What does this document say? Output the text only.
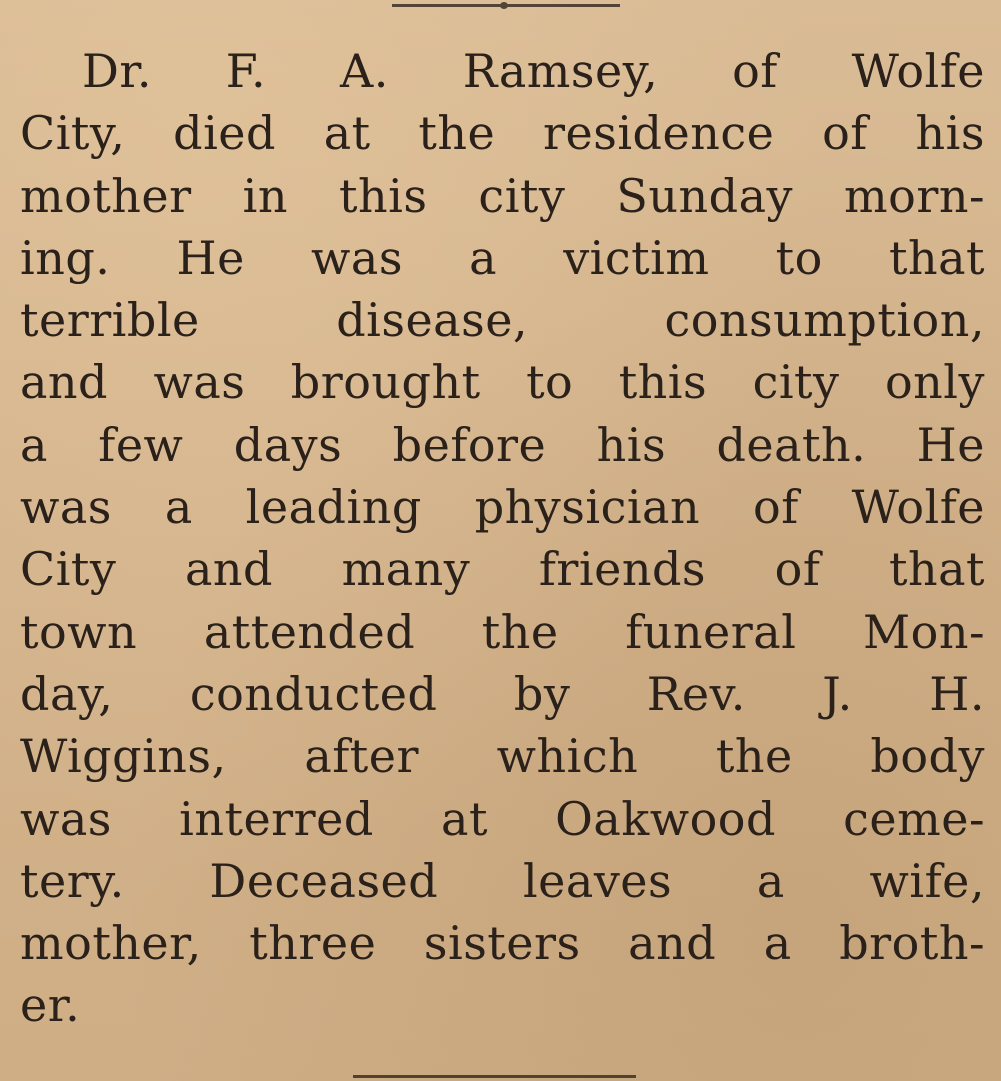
Dr. F. A. Ramsey, of Wolfe
City, died at the residence of his
mother in this city Sunday morn-
ing. He was a victim to that
terrible disease, consumption,
and was brought to this city only
a few days before his death. He
was a leading physician of Wolfe
City and many friends of that
town attended the funeral Mon-
day, conducted by Rev. J. H.
Wiggins, after which the body
was interred at Oakwood ceme-
tery. Deceased leaves a wife,
mother, three sisters and a broth-
er.
